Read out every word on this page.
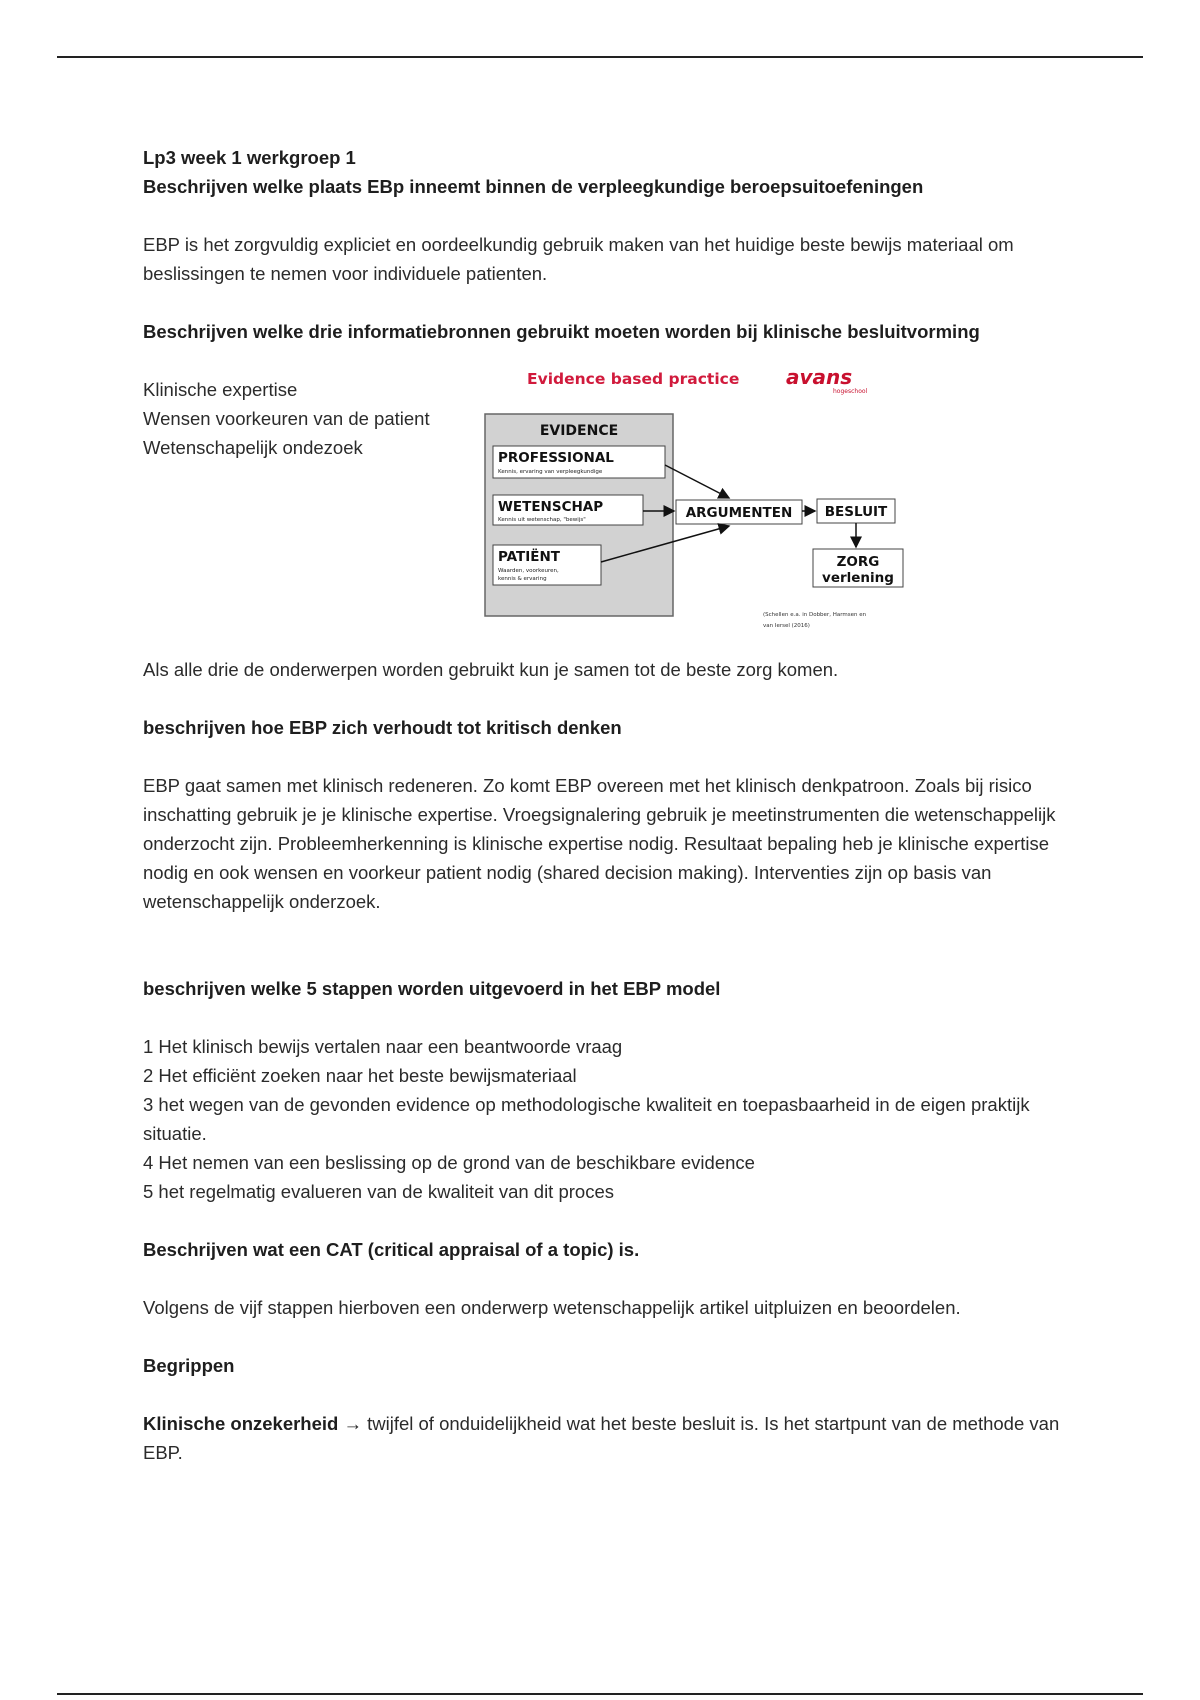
Lp3 week 1 werkgroep 1

Beschrijven welke plaats EBp inneemt binnen de verpleegkundige beroepsuitoefeningen

EBP is het zorgvuldig expliciet en oordeelkundig gebruik maken van het huidige beste bewijs materiaal om beslissingen te nemen voor individuele patienten.

Beschrijven welke drie informatiebronnen gebruikt moeten worden bij klinische besluitvorming

Klinische expertise

Wensen voorkeuren van de patient

Wetenschapelijk ondezoek

Evidence based practice avans
hogeschool
EVIDENCE
PROFESSIONAL
Kennis, ervaring van verpleegkundige
WETENSCHAP
Kennis uit wetenschap, "bewijs"
PATIËNT
Waarden, voorkeuren,
kennis & ervaring
ARGUMENTEN BESLUIT
ZORG
verlening
(Schellen e.a. in Dobber, Harmsen en
van Iersel (2016)

Als alle drie de onderwerpen worden gebruikt kun je samen tot de beste zorg komen.

beschrijven hoe EBP zich verhoudt tot kritisch denken

EBP gaat samen met klinisch redeneren. Zo komt EBP overeen met het klinisch denkpatroon. Zoals bij risico inschatting gebruik je je klinische expertise. Vroegsignalering gebruik je meetinstrumenten die wetenschappelijk onderzocht zijn. Probleemherkenning is klinische expertise nodig. Resultaat bepaling heb je klinische expertise nodig en ook wensen en voorkeur patient nodig (shared decision making). Interventies zijn op basis van wetenschappelijk onderzoek.

beschrijven welke 5 stappen worden uitgevoerd in het EBP model

1 Het klinisch bewijs vertalen naar een beantwoorde vraag

2 Het efficiënt zoeken naar het beste bewijsmateriaal

3 het wegen van de gevonden evidence op methodologische kwaliteit en toepasbaarheid in de eigen praktijk situatie.

4 Het nemen van een beslissing op de grond van de beschikbare evidence

5 het regelmatig evalueren van de kwaliteit van dit proces

Beschrijven wat een CAT (critical appraisal of a topic) is.

Volgens de vijf stappen hierboven een onderwerp wetenschappelijk artikel uitpluizen en beoordelen.

Begrippen

Klinische onzekerheid → twijfel of onduidelijkheid wat het beste besluit is. Is het startpunt van de methode van EBP.
